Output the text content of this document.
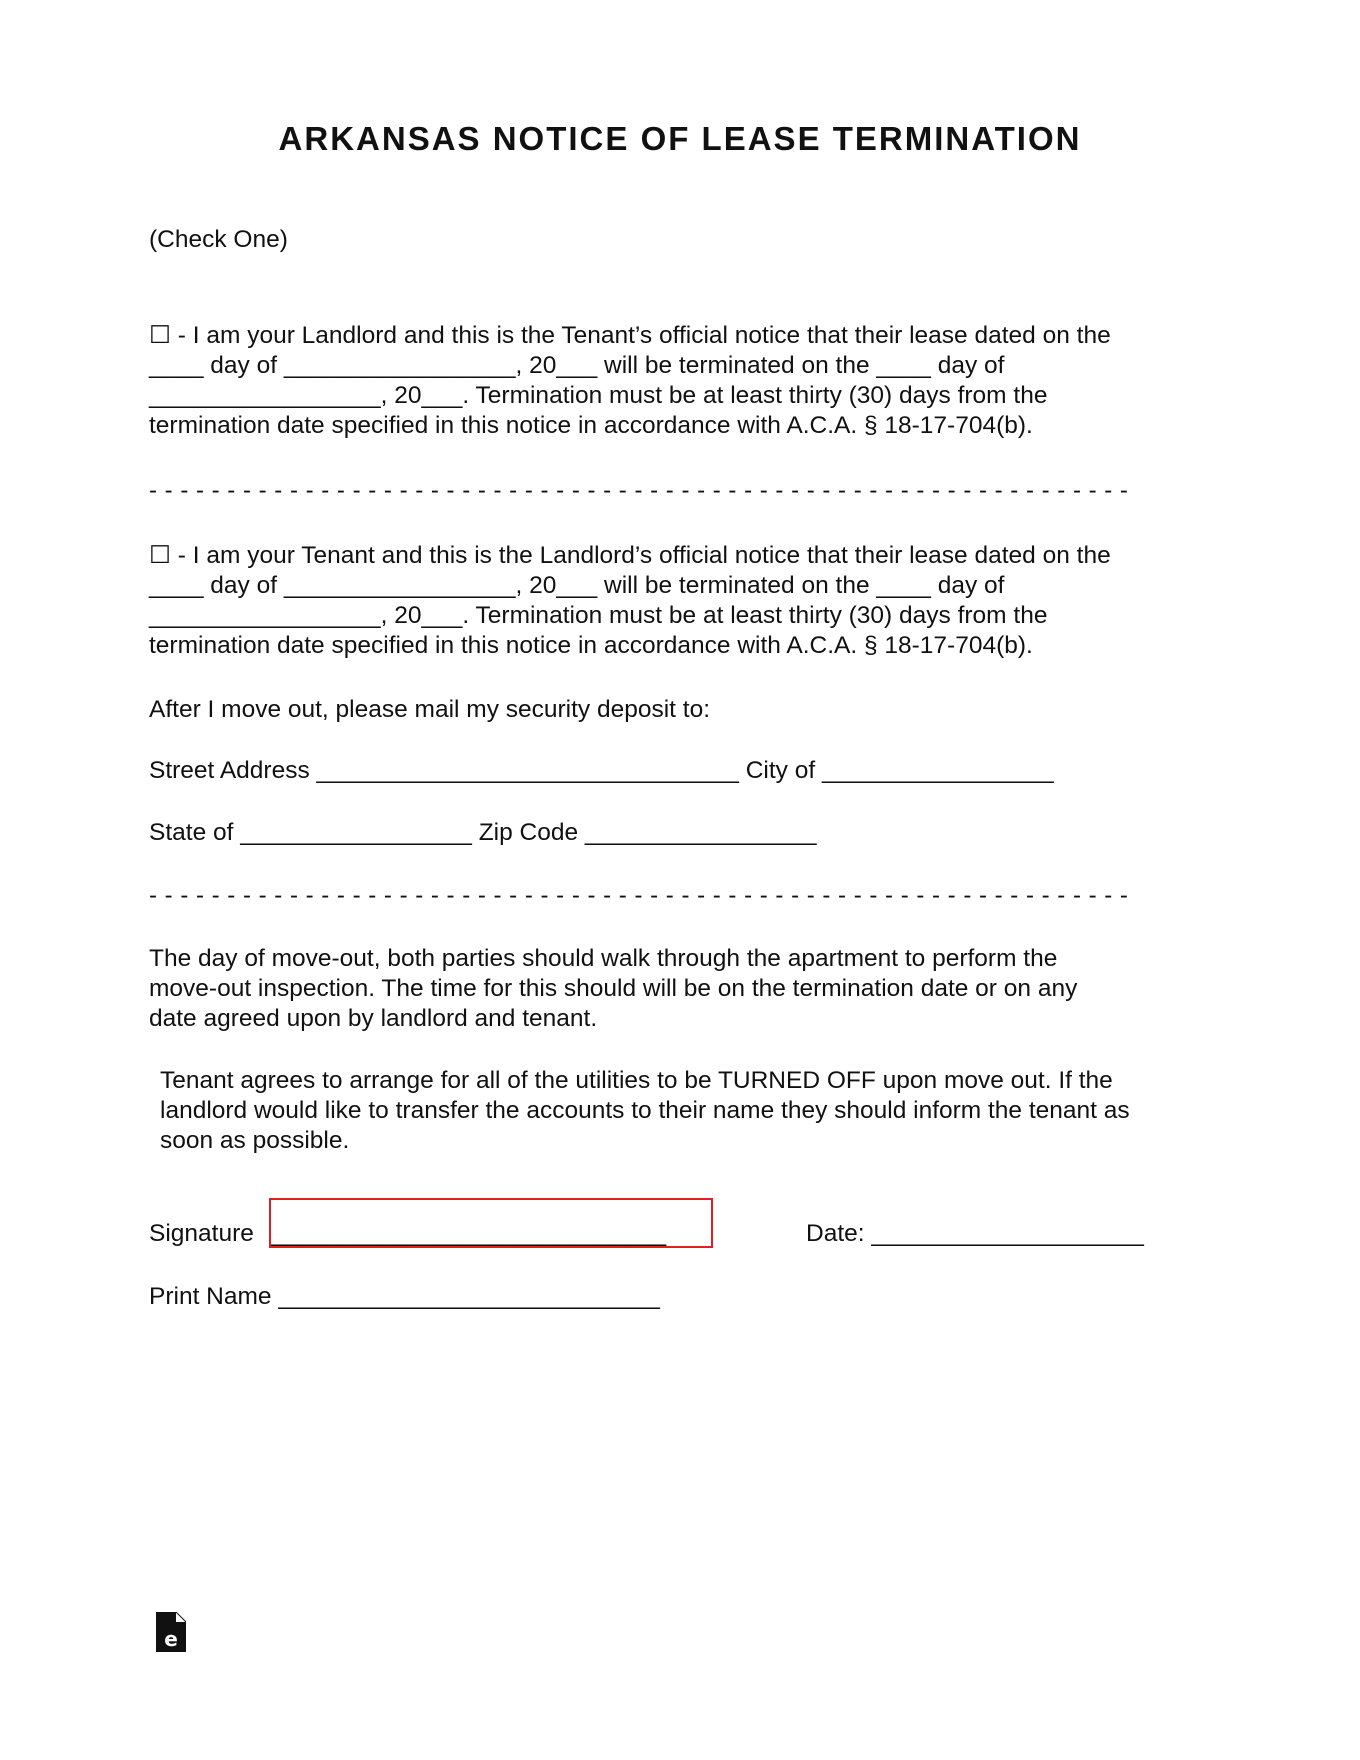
ARKANSAS NOTICE OF LEASE TERMINATION
(Check One)
☐ - I am your Landlord and this is the Tenant’s official notice that their lease dated on the
____ day of _________________, 20___ will be terminated on the ____ day of
_________________, 20___. Termination must be at least thirty (30) days from the
termination date specified in this notice in accordance with A.C.A. § 18-17-704(b).
- - - - - - - - - - - - - - - - - - - - - - - - - - - - - - - - - - - - - - - - - - - - - - - - - - - - - - - - - - - - - - -
☐ - I am your Tenant and this is the Landlord’s official notice that their lease dated on the
____ day of _________________, 20___ will be terminated on the ____ day of
_________________, 20___. Termination must be at least thirty (30) days from the
termination date specified in this notice in accordance with A.C.A. § 18-17-704(b).
After I move out, please mail my security deposit to:
Street Address _______________________________ City of _________________
State of _________________ Zip Code _________________
- - - - - - - - - - - - - - - - - - - - - - - - - - - - - - - - - - - - - - - - - - - - - - - - - - - - - - - - - - - - - - -
The day of move-out, both parties should walk through the apartment to perform the
move-out inspection. The time for this should will be on the termination date or on any
date agreed upon by landlord and tenant.
Tenant agrees to arrange for all of the utilities to be TURNED OFF upon move out. If the
landlord would like to transfer the accounts to their name they should inform the tenant as
soon as possible.
Signature _____________________________	Date: ____________________
Print Name ____________________________
e
